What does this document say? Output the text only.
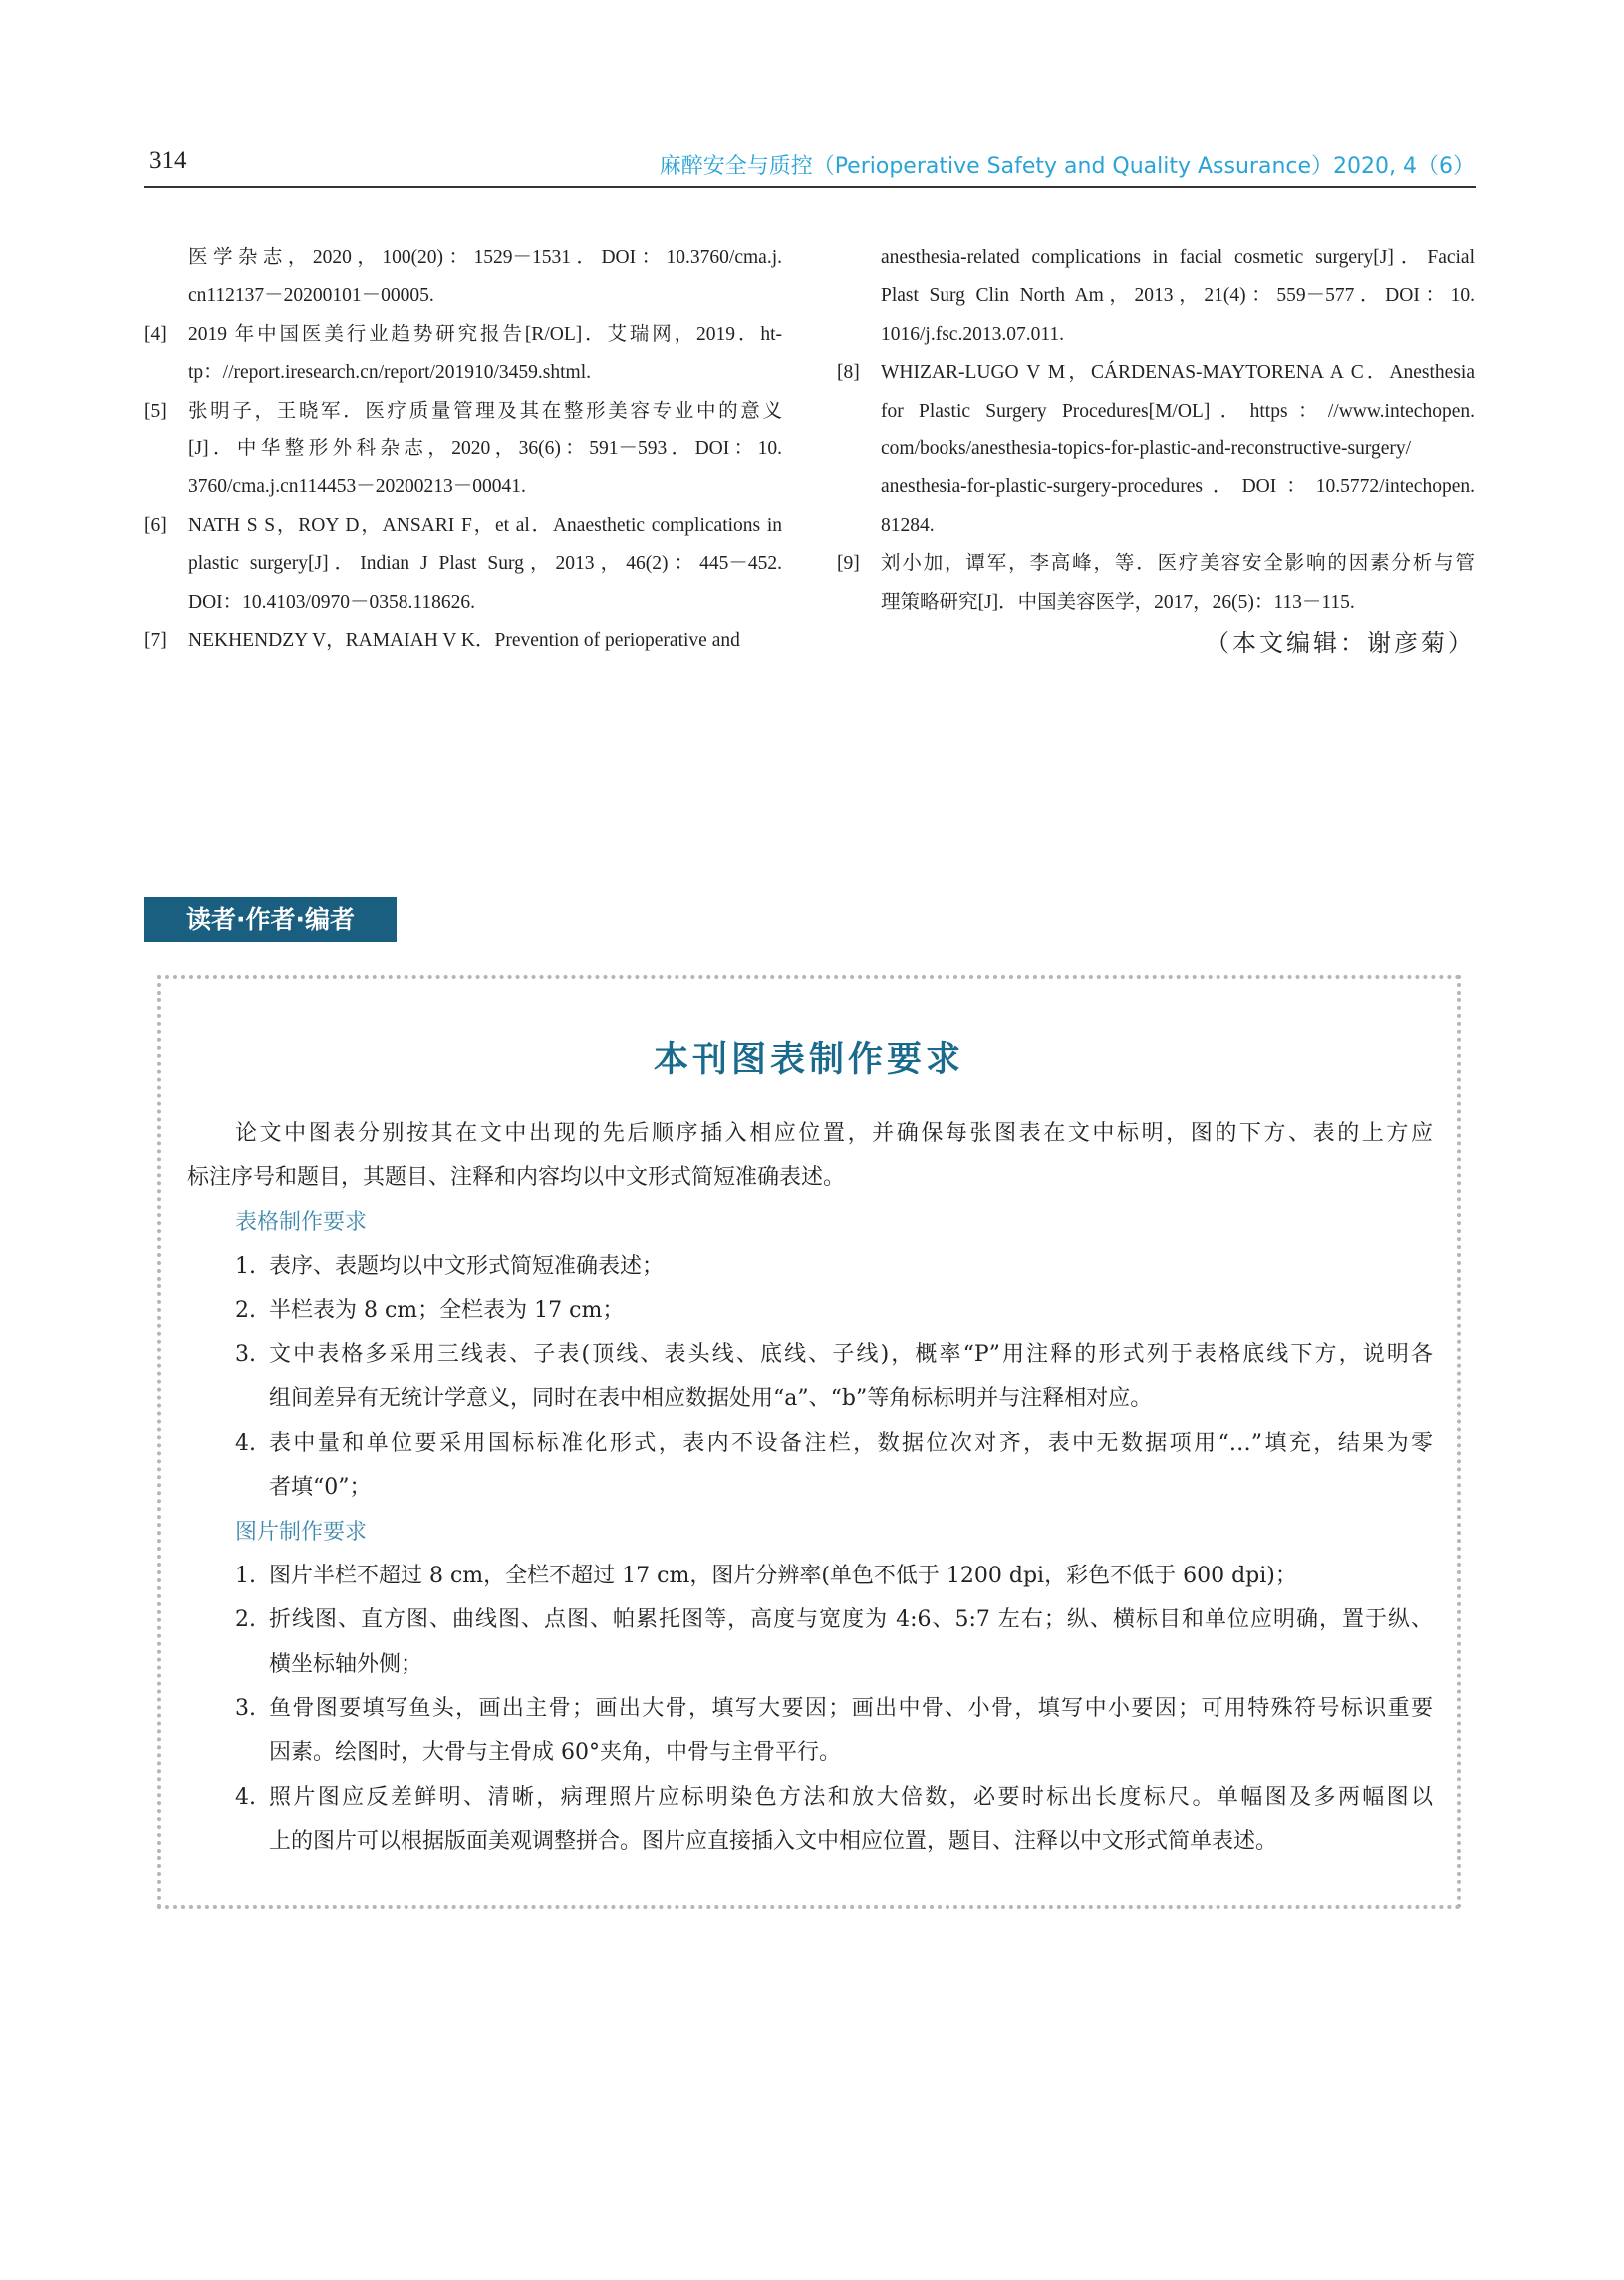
314	麻醉安全与质控（Perioperative Safety and Quality Assurance）2020, 4（6）
医学杂志，2020，100(20)：1529－1531．DOI：10.3760/cma.j.
cn112137－20200101－00005.
2019 年中国医美行业趋势研究报告[R/OL]．艾瑞网，2019．ht-
[4]
tp：//report.iresearch.cn/report/201910/3459.shtml.
张明子，王晓军．医疗质量管理及其在整形美容专业中的意义
[5]
[J]．中华整形外科杂志，2020，36(6)：591－593．DOI：10.
3760/cma.j.cn114453－20200213－00041.
NATH S S，ROY D，ANSARI F，et al．Anaesthetic complications in
[6]
plastic surgery[J]．Indian J Plast Surg，2013，46(2)：445－452.
DOI：10.4103/0970－0358.118626.
NEKHENDZY V，RAMAIAH V K．Prevention of perioperative and
[7]
anesthesia-related complications in facial cosmetic surgery[J]．Facial
Plast Surg Clin North Am，2013，21(4)：559－577．DOI：10.
1016/j.fsc.2013.07.011.
WHIZAR-LUGO V M，CÁRDENAS-MAYTORENA A C．Anesthesia
[8]
for Plastic Surgery Procedures[M/OL]．https：//www.intechopen.
com/books/anesthesia-topics-for-plastic-and-reconstructive-surgery/
anesthesia-for-plastic-surgery-procedures．DOI：10.5772/intechopen.
81284.
刘小加，谭军，李高峰，等．医疗美容安全影响的因素分析与管
[9]
理策略研究[J]．中国美容医学，2017，26(5)：113－115.
（本文编辑：谢彦菊）
读者·作者·编者
本刊图表制作要求
论文中图表分别按其在文中出现的先后顺序插入相应位置，并确保每张图表在文中标明，图的下方、表的上方应
标注序号和题目，其题目、注释和内容均以中文形式简短准确表述。
表格制作要求
表序、表题均以中文形式简短准确表述；
1.
半栏表为 8 cm；全栏表为 17 cm；
2.
文中表格多采用三线表、子表(顶线、表头线、底线、子线)，概率“P”用注释的形式列于表格底线下方，说明各
3.
组间差异有无统计学意义，同时在表中相应数据处用“a”、“b”等角标标明并与注释相对应。
表中量和单位要采用国标标准化形式，表内不设备注栏，数据位次对齐，表中无数据项用“…”填充，结果为零
4.
者填“0”；
图片制作要求
图片半栏不超过 8 cm，全栏不超过 17 cm，图片分辨率(单色不低于 1200 dpi，彩色不低于 600 dpi)；
1.
折线图、直方图、曲线图、点图、帕累托图等，高度与宽度为 4:6、5:7 左右；纵、横标目和单位应明确，置于纵、
2.
横坐标轴外侧；
鱼骨图要填写鱼头，画出主骨；画出大骨，填写大要因；画出中骨、小骨，填写中小要因；可用特殊符号标识重要
3.
因素。绘图时，大骨与主骨成 60°夹角，中骨与主骨平行。
照片图应反差鲜明、清晰，病理照片应标明染色方法和放大倍数，必要时标出长度标尺。单幅图及多两幅图以
4.
上的图片可以根据版面美观调整拼合。图片应直接插入文中相应位置，题目、注释以中文形式简单表述。
